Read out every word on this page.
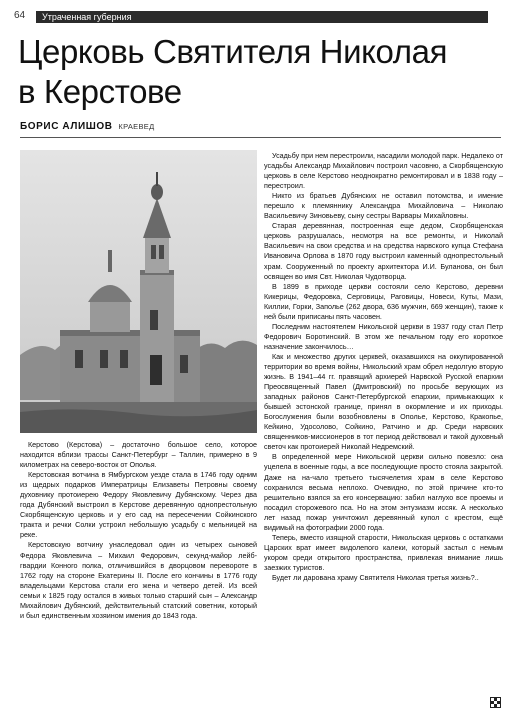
64	Утраченная губерния
Церковь Святителя Николая
в Керстове
БОРИС АЛИШОВ КРАЕВЕД

Керстово (Керстова) – достаточно большое село, которое находится вблизи трассы Санкт-Петербург – Таллин, примерно в 9 километрах на северо-восток от Ополья.

Керстовская вотчина в Ямбургском уезде стала в 1746 году одним из щедрых подарков Императрицы Елизаветы Петровны своему духовнику протоиерею Федору Яковлевичу Дубянскому. Через два года Дубянский выстроил в Керстове деревянную однопрестольную Скорбященскую церковь и у его сад на пересечении Сойкинского тракта и речки Солки устроил небольшую усадьбу с мельницей на реке.

Керстовскую вотчину унаследовал один из четырех сыновей Федора Яковлевича – Михаил Федорович, секунд-майор лейб-гвардии Конного полка, отличившийся в дворцовом перевороте в 1762 году на стороне Екатерины II. После его кончины в 1776 году владельцами Керстова стали его жена и четверо детей. Из всей семьи к 1825 году остался в живых только старший сын – Александр Михайлович Дубянский, действительный статский советник, который и был единственным хозяином имения до 1843 года.

Усадьбу при нем перестроили, насадили молодой парк. Недалеко от усадьбы Александр Михайлович построил часовню, а Скорбященскую церковь в селе Керстово неоднократно ремонтировал и в 1838 году – перестроил.

Никто из братьев Дубянских не оставил потомства, и имение перешло к племяннику Александра Михайловича – Николаю Васильевичу Зиновьеву, сыну сестры Варвары Михайловны.

Старая деревянная, построенная еще дедом, Скорбященская церковь разрушалась, несмотря на все ремонты, и Николай Васильевич на свои средства и на средства нарвского купца Стефана Ивановича Орлова в 1870 году выстроил каменный однопрестольный храм. Сооруженный по проекту архитектора И.И. Буланова, он был освящен во имя Свт. Николая Чудотворца.

В 1899 в приходе церкви состояли село Керстово, деревни Кикерицы, Федоровка, Серговицы, Раговицы, Новеси, Куты, Мази, Киллии, Горки, Заполье (262 двора, 636 мужчин, 669 женщин), также к ней были приписаны пять часовен.

Последним настоятелем Никольской церкви в 1937 году стал Петр Федорович Боротинский. В этом же печальном году его короткое назначение закончилось…

Как и множество других церквей, оказавшихся на оккупированной территории во время войны, Никольский храм обрел недолгую вторую жизнь. В 1941–44 гг. правящий архиерей Нарвской Русской епархии Преосвященный Павел (Дмитровский) по просьбе верующих из западных районов Санкт-Петербургской епархии, примыкающих к бывшей эстонской границе, принял в окормление и их приходы. Богослужения были возобновлены в Ополье, Керстово, Кракопье, Кейкино, Удосолово, Сойкино, Ратчино и др. Среди нарвских священников-миссионеров в тот период действовал и такой духовный светоч как протоиерей Николай Недремский.

В определенной мере Никольской церкви сильно повезло: она уцелела в военные годы, а все последующие просто стояла закрытой. Даже на на-чало третьего тысячелетия храм в селе Керстово сохранился весьма неплохо. Очевидно, по этой причине кто-то решительно взялся за его консервацию: забил наглухо все проемы и посадил сторожевого пса. Но на этом энтузиазм иссяк. А несколько лет назад пожар уничтожил деревянный купол с крестом, ещё видимый на фотографии 2000 года.

Теперь, вместо изящной старости, Никольская церковь с остатками Царских врат имеет видолепого калеки, который застыл с немым укором среди открытого пространства, привлекая внимание лишь заезжих туристов.

Будет ли дарована храму Святителя Николая третья жизнь?..
